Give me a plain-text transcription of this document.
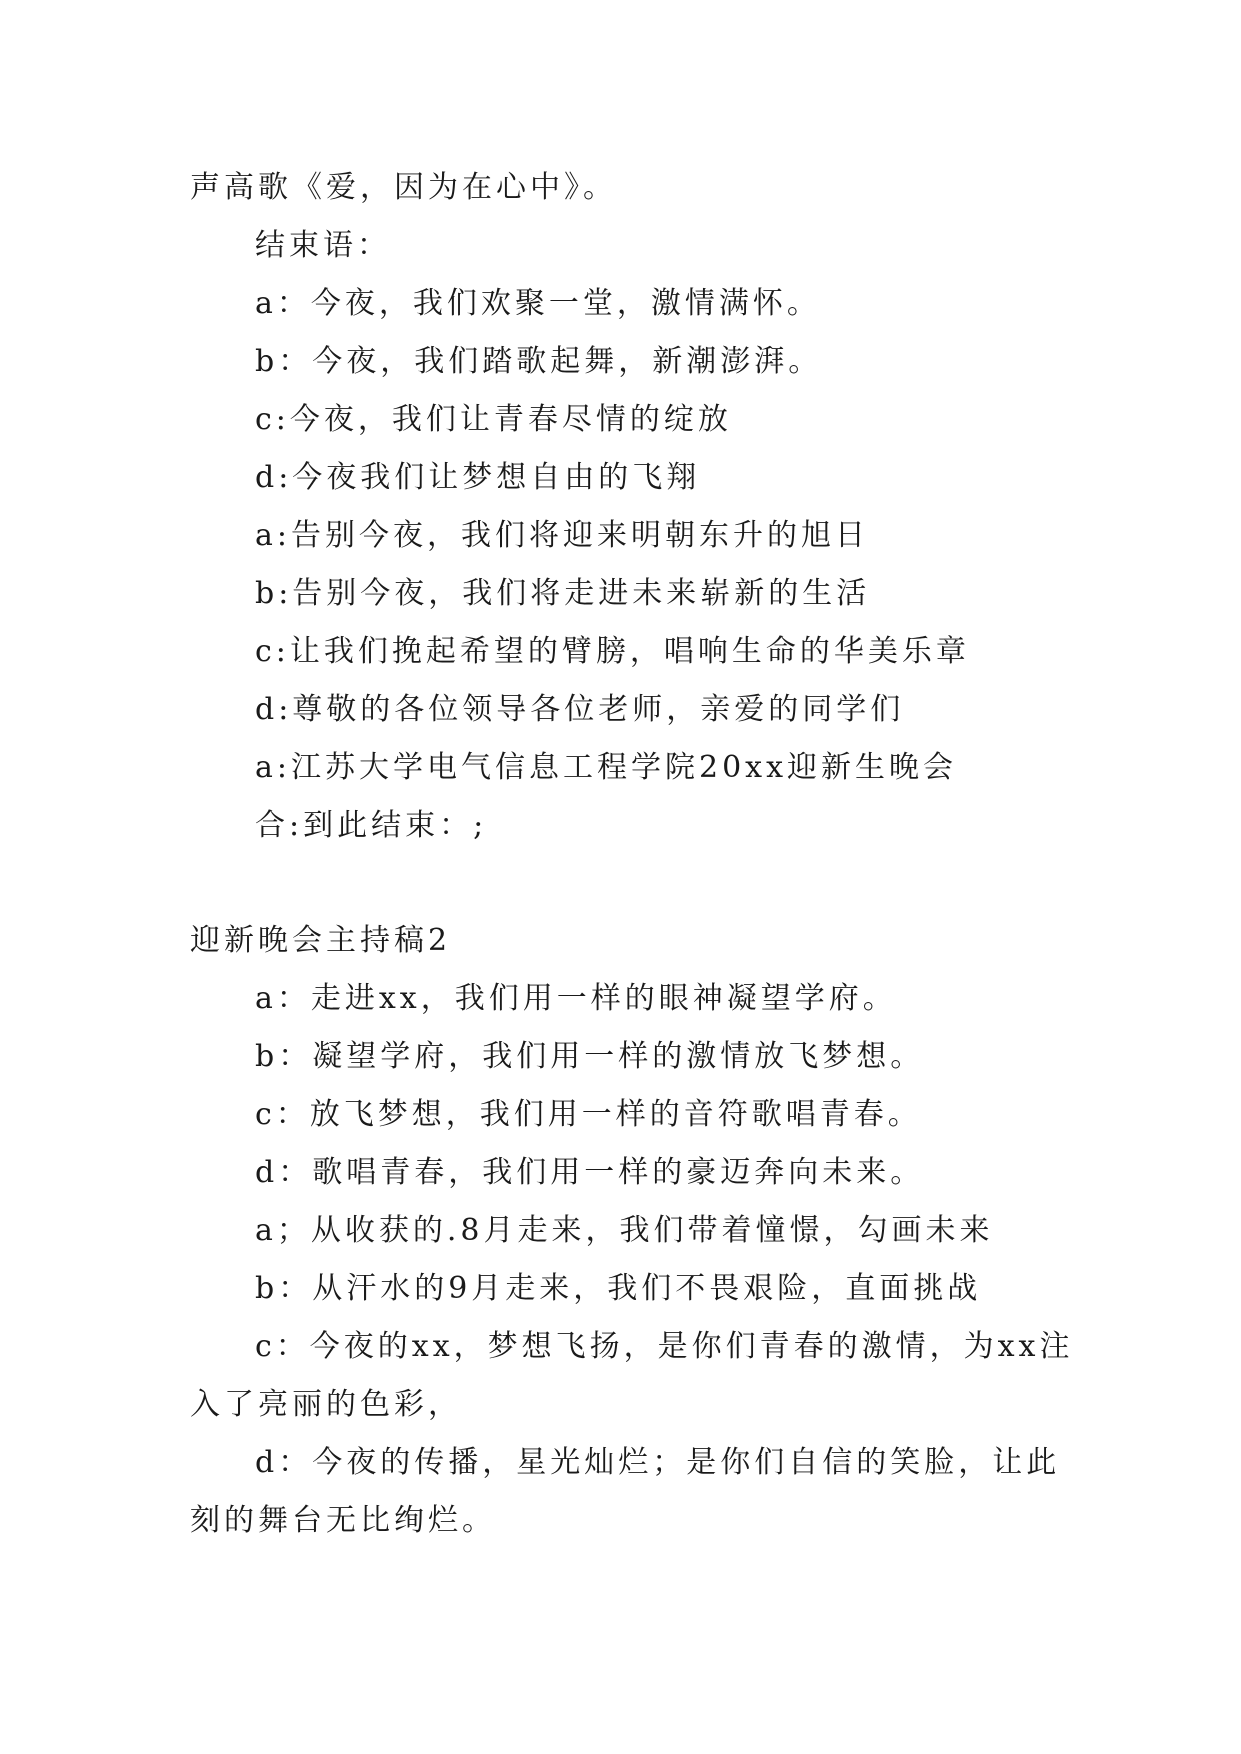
声高歌《爱，因为在心中》。
结束语：
a：今夜，我们欢聚一堂，激情满怀。
b：今夜，我们踏歌起舞，新潮澎湃。
c:今夜，我们让青春尽情的绽放
d:今夜我们让梦想自由的飞翔
a:告别今夜，我们将迎来明朝东升的旭日
b:告别今夜，我们将走进未来崭新的生活
c:让我们挽起希望的臂膀，唱响生命的华美乐章
d:尊敬的各位领导各位老师，亲爱的同学们
a:江苏大学电气信息工程学院20xx迎新生晚会
合:到此结束：;
迎新晚会主持稿2
a：走进xx，我们用一样的眼神凝望学府。
b：凝望学府，我们用一样的激情放飞梦想。
c：放飞梦想，我们用一样的音符歌唱青春。
d：歌唱青春，我们用一样的豪迈奔向未来。
a；从收获的.8月走来，我们带着憧憬，勾画未来
b：从汗水的9月走来，我们不畏艰险，直面挑战
c：今夜的xx，梦想飞扬，是你们青春的激情，为xx注
入了亮丽的色彩，
d：今夜的传播，星光灿烂；是你们自信的笑脸，让此
刻的舞台无比绚烂。
